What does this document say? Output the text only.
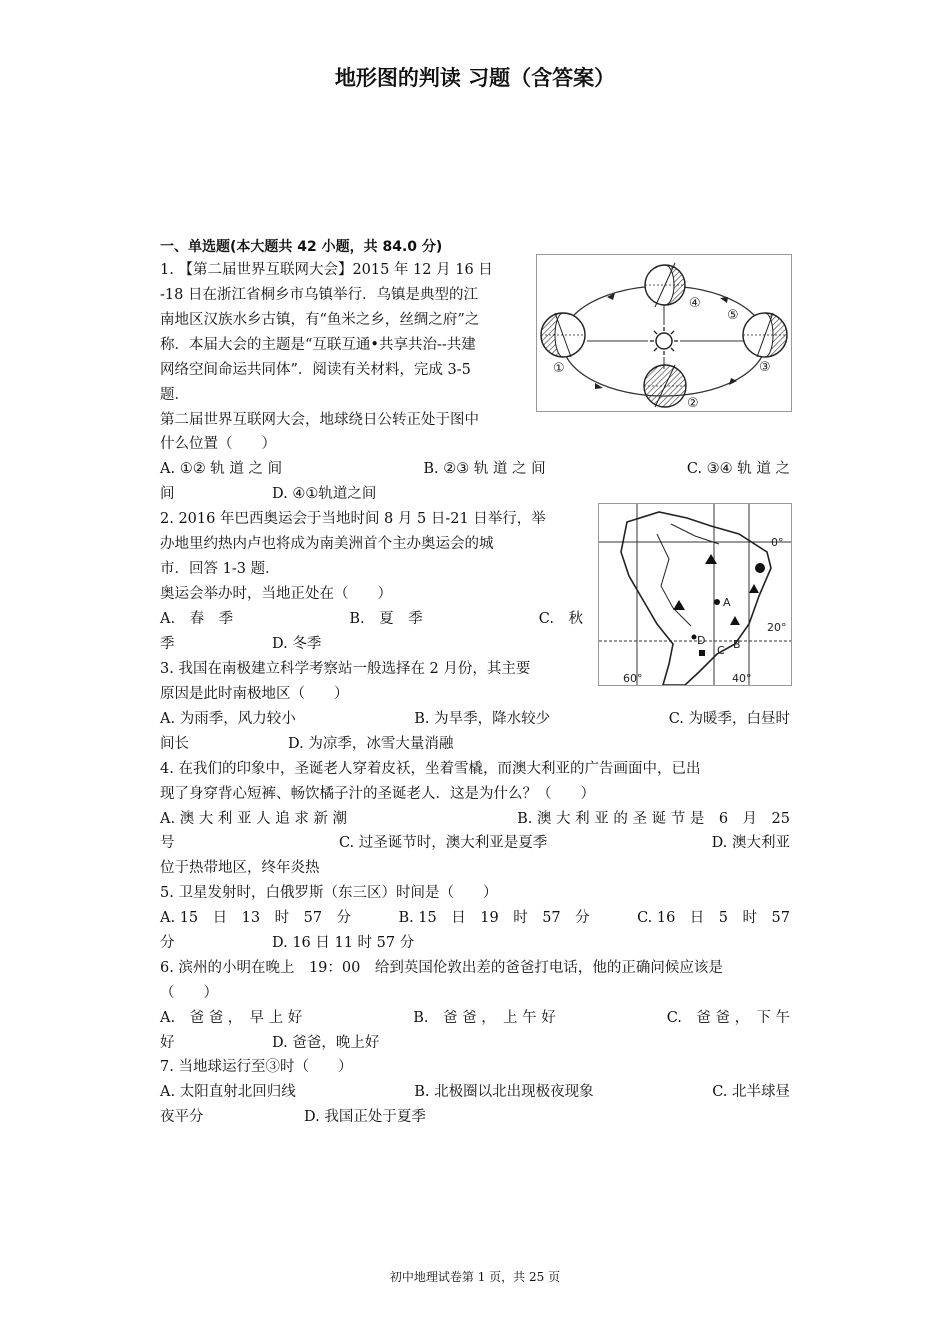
地形图的判读 习题（含答案）
一、单选题(本大题共 42 小题，共 84.0 分)
1. 【第二届世界互联网大会】2015 年 12 月 16 日
-18 日在浙江省桐乡市乌镇举行．乌镇是典型的江
南地区汉族水乡古镇，有“鱼米之乡，丝绸之府”之
称．本届大会的主题是“互联互通•共享共治--共建
网络空间命运共同体”．阅读有关材料，完成 3-5
题．
第二届世界互联网大会，地球绕日公转正处于图中
什么位置（　　）
A. ①② 轨 道 之 间	B. ②③ 轨 道 之 间	C. ③④ 轨 道 之
间	D. ④①轨道之间
④
⑤
①	③
②
2. 2016 年巴西奥运会于当地时间 8 月 5 日-21 日举行，举
办地里约热内卢也将成为南美洲首个主办奥运会的城
市．回答 1-3 题．
奥运会举办时，当地正处在（　　）
A.　春　季	B.　夏　季	C.　秋
季	D. 冬季
0°
20°
60°	40°
A
B
C
D
3. 我国在南极建立科学考察站一般选择在 2 月份，其主要
原因是此时南极地区（　　）
A. 为雨季，风力较小	B. 为旱季，降水较少	C. 为暖季，白昼时
间长	D. 为凉季，冰雪大量消融
4. 在我们的印象中，圣诞老人穿着皮袄，坐着雪橇，而澳大利亚的广告画面中，已出
现了身穿背心短裤、畅饮橘子汁的圣诞老人．这是为什么？（　　）
A. 澳 大 利 亚 人 追 求 新 潮	B. 澳 大 利 亚 的 圣 诞 节 是　6　月　25
号	C. 过圣诞节时，澳大利亚是夏季	D. 澳大利亚
位于热带地区，终年炎热
5. 卫星发射时，白俄罗斯（东三区）时间是（　　）
A. 15　日　13　时　57　分	B. 15　日　19　时　57　分	C. 16　日　5　时　57
分	D. 16 日 11 时 57 分
6. 滨州的小明在晚上　19：00　给到英国伦敦出差的爸爸打电话，他的正确问候应该是
（　　）
A.　爸 爸 ，　早 上 好	B.　爸 爸 ，　上 午 好	C.　爸 爸 ，　下 午
好	D. 爸爸，晚上好
7. 当地球运行至③时（　　）
A. 太阳直射北回归线	B. 北极圈以北出现极夜现象	C. 北半球昼
夜平分	D. 我国正处于夏季
初中地理试卷第 1 页，共 25 页
